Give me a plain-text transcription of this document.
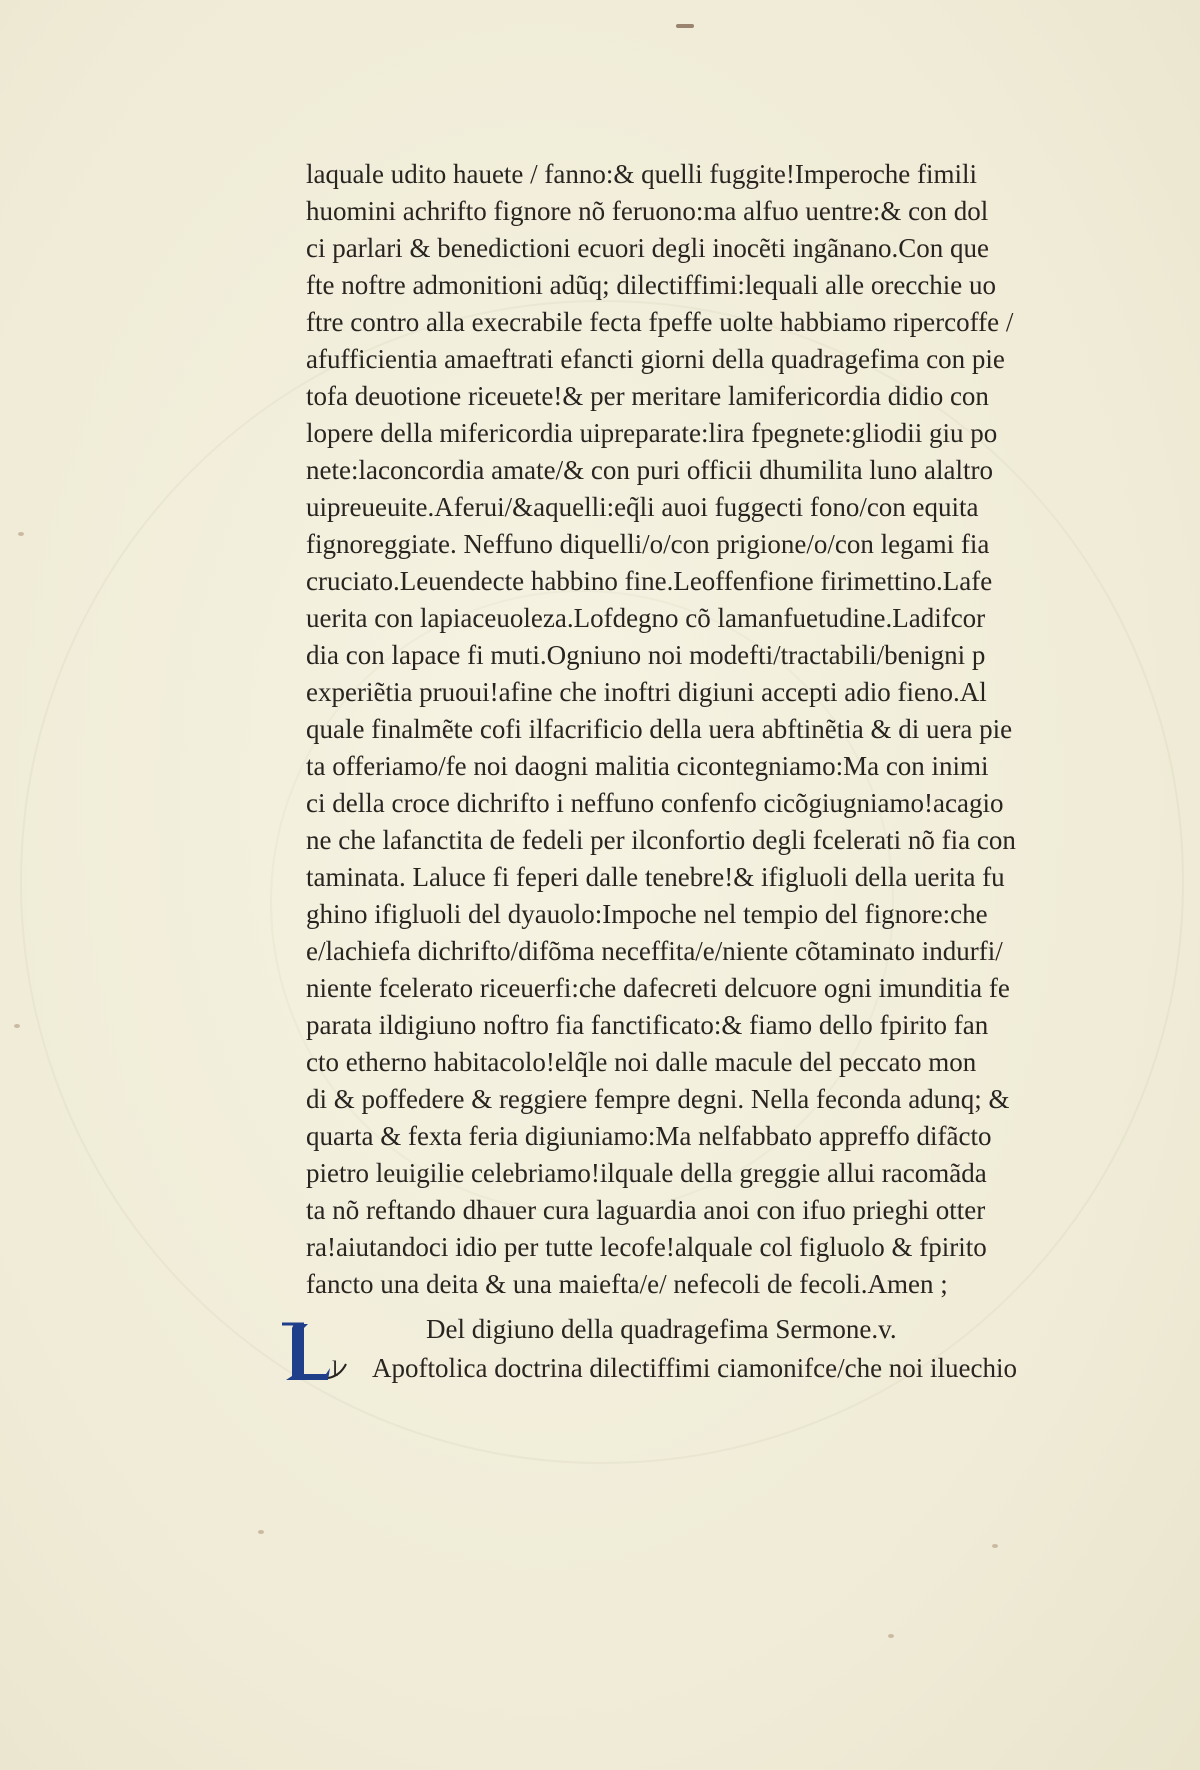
laquale udito hauete / fanno:& quelli fuggite!Imperoche fimili
huomini achrifto fignore nõ feruono:ma alfuo uentre:& con dol
ci parlari & benedictioni ecuori degli inocẽti ingãnano.Con que
fte noftre admonitioni adũq; dilectiffimi:lequali alle orecchie uo
ftre contro alla execrabile fecta fpeffe uolte habbiamo ripercoffe /
afufficientia amaeftrati efancti giorni della quadragefima con pie
tofa deuotione riceuete!& per meritare lamifericordia didio con
lopere della mifericordia uipreparate:lira fpegnete:gliodii giu po
nete:laconcordia amate/& con puri officii dhumilita luno alaltro
uipreueuite.Aferui/&aquelli:eq̃li auoi fuggecti fono/con equita
fignoreggiate. Neffuno diquelli/o/con prigione/o/con legami fia
cruciato.Leuendecte habbino fine.Leoffenfione firimettino.Lafe
uerita con lapiaceuoleza.Lofdegno cõ lamanfuetudine.Ladifcor
dia con lapace fi muti.Ogniuno noi modefti/tractabili/benigni p
experiẽtia pruoui!afine che inoftri digiuni accepti adio fieno.Al
quale finalmẽte cofi ilfacrificio della uera abftinẽtia & di uera pie
ta offeriamo/fe noi daogni malitia cicontegniamo:Ma con inimi
ci della croce dichrifto i neffuno confenfo cicõgiugniamo!acagio
ne che lafanctita de fedeli per ilconfortio degli fcelerati nõ fia con
taminata. Laluce fi feperi dalle tenebre!& ifigluoli della uerita fu
ghino ifigluoli del dyauolo:Impoche nel tempio del fignore:che
e/lachiefa dichrifto/difõma neceffita/e/niente cõtaminato indurfi/
niente fcelerato riceuerfi:che dafecreti delcuore ogni imunditia fe
parata ildigiuno noftro fia fanctificato:& fiamo dello fpirito fan
cto etherno habitacolo!elq̃le noi dalle macule del peccato mon
di & poffedere & reggiere fempre degni. Nella feconda adunq; &
quarta & fexta feria digiuniamo:Ma nelfabbato appreffo difãcto
pietro leuigilie celebriamo!ilquale della greggie allui racomãda
ta nõ reftando dhauer cura laguardia anoi con ifuo prieghi otter
ra!aiutandoci idio per tutte lecofe!alquale col figluolo & fpirito
fancto una deita & una maiefta/e/ nefecoli de fecoli.Amen ;
Del digiuno della quadragefima Sermone.v.
l	Apoftolica doctrina dilectiffimi ciamonifce/che noi iluechio
